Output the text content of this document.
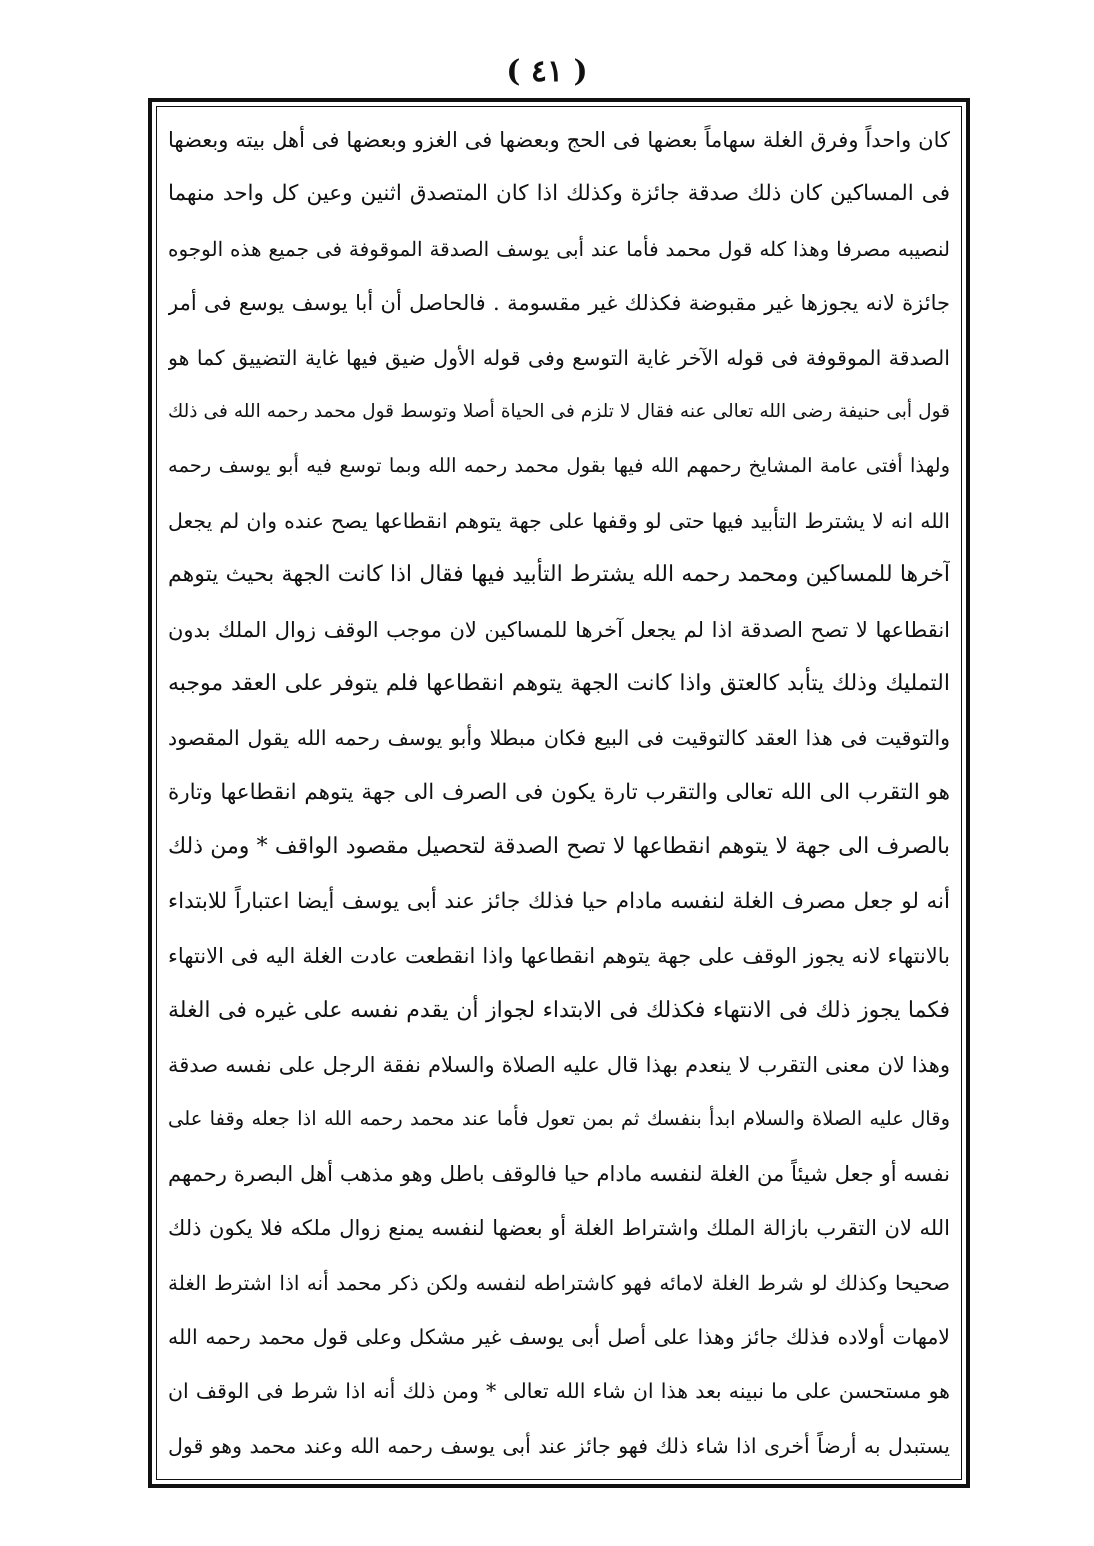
( ٤١ )
كان واحداً وفرق الغلة سهاماً بعضها فى الحج وبعضها فى الغزو وبعضها فى أهل بيته وبعضها
فى المساكين كان ذلك صدقة جائزة وكذلك اذا كان المتصدق اثنين وعين كل واحد منهما
لنصيبه مصرفا وهذا كله قول محمد فأما عند أبى يوسف الصدقة الموقوفة فى جميع هذه الوجوه
جائزة لانه يجوزها غير مقبوضة فكذلك غير مقسومة . فالحاصل أن أبا يوسف يوسع فى أمر
الصدقة الموقوفة فى قوله الآخر غاية التوسع وفى قوله الأول ضيق فيها غاية التضييق كما هو
قول أبى حنيفة رضى الله تعالى عنه فقال لا تلزم فى الحياة أصلا وتوسط قول محمد رحمه الله فى ذلك
ولهذا أفتى عامة المشايخ رحمهم الله فيها بقول محمد رحمه الله وبما توسع فيه أبو يوسف رحمه
الله انه لا يشترط التأبيد فيها حتى لو وقفها على جهة يتوهم انقطاعها يصح عنده وان لم يجعل
آخرها للمساكين ومحمد رحمه الله يشترط التأبيد فيها فقال اذا كانت الجهة بحيث يتوهم
انقطاعها لا تصح الصدقة اذا لم يجعل آخرها للمساكين لان موجب الوقف زوال الملك بدون
التمليك وذلك يتأبد كالعتق واذا كانت الجهة يتوهم انقطاعها فلم يتوفر على العقد موجبه
والتوقيت فى هذا العقد كالتوقيت فى البيع فكان مبطلا وأبو يوسف رحمه الله يقول المقصود
هو التقرب الى الله تعالى والتقرب تارة يكون فى الصرف الى جهة يتوهم انقطاعها وتارة
بالصرف الى جهة لا يتوهم انقطاعها لا تصح الصدقة لتحصيل مقصود الواقف * ومن ذلك
أنه لو جعل مصرف الغلة لنفسه مادام حيا فذلك جائز عند أبى يوسف أيضا اعتباراً للابتداء
بالانتهاء لانه يجوز الوقف على جهة يتوهم انقطاعها واذا انقطعت عادت الغلة اليه فى الانتهاء
فكما يجوز ذلك فى الانتهاء فكذلك فى الابتداء لجواز أن يقدم نفسه على غيره فى الغلة
وهذا لان معنى التقرب لا ينعدم بهذا قال عليه الصلاة والسلام نفقة الرجل على نفسه صدقة
وقال عليه الصلاة والسلام ابدأ بنفسك ثم بمن تعول فأما عند محمد رحمه الله اذا جعله وقفا على
نفسه أو جعل شيئاً من الغلة لنفسه مادام حيا فالوقف باطل وهو مذهب أهل البصرة رحمهم
الله لان التقرب بازالة الملك واشتراط الغلة أو بعضها لنفسه يمنع زوال ملكه فلا يكون ذلك
صحيحا وكذلك لو شرط الغلة لامائه فهو كاشتراطه لنفسه ولكن ذكر محمد أنه اذا اشترط الغلة
لامهات أولاده فذلك جائز وهذا على أصل أبى يوسف غير مشكل وعلى قول محمد رحمه الله
هو مستحسن على ما نبينه بعد هذا ان شاء الله تعالى * ومن ذلك أنه اذا شرط فى الوقف ان
يستبدل به أرضاً أخرى اذا شاء ذلك فهو جائز عند أبى يوسف رحمه الله وعند محمد وهو قول
